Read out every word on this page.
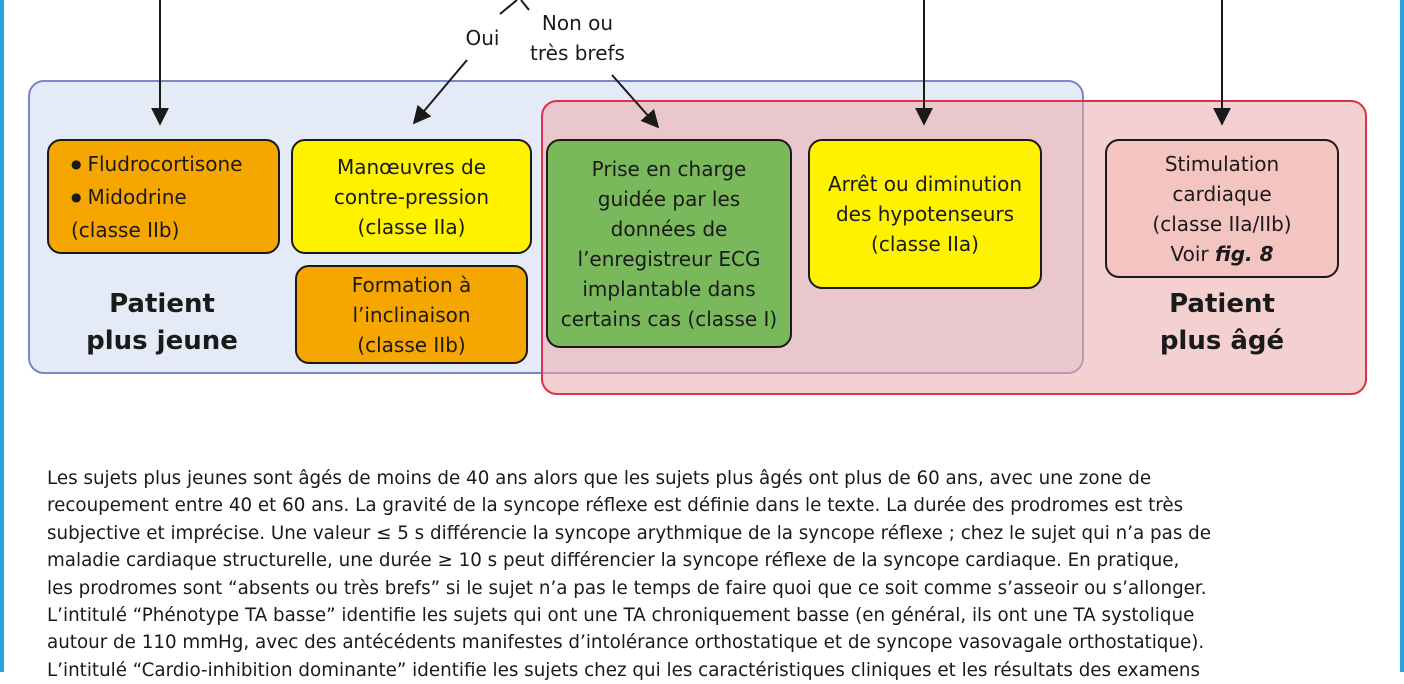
Oui
Non ou
très brefs
● Fludrocortisone
● Midodrine
(classe IIb)
Manœuvres de
contre-pression
(classe IIa)
Formation à
l’inclinaison
(classe IIb)
Prise en charge
guidée par les
données de
l’enregistreur ECG
implantable dans
certains cas (classe I)
Arrêt ou diminution
des hypotenseurs
(classe IIa)
Stimulation
cardiaque
(classe IIa/IIb)
Voir fig. 8
Patient
plus jeune
Patient
plus âgé

Les sujets plus jeunes sont âgés de moins de 40 ans alors que les sujets plus âgés ont plus de 60 ans, avec une zone de

recoupement entre 40 et 60 ans. La gravité de la syncope réflexe est définie dans le texte. La durée des prodromes est très

subjective et imprécise. Une valeur ≤ 5 s différencie la syncope arythmique de la syncope réflexe ; chez le sujet qui n’a pas de

maladie cardiaque structurelle, une durée ≥ 10 s peut différencier la syncope réflexe de la syncope cardiaque. En pratique,

les prodromes sont “absents ou très brefs” si le sujet n’a pas le temps de faire quoi que ce soit comme s’asseoir ou s’allonger.

L’intitulé “Phénotype TA basse” identifie les sujets qui ont une TA chroniquement basse (en général, ils ont une TA systolique

autour de 110 mmHg, avec des antécédents manifestes d’intolérance orthostatique et de syncope vasovagale orthostatique).

L’intitulé “Cardio-inhibition dominante” identifie les sujets chez qui les caractéristiques cliniques et les résultats des examens
